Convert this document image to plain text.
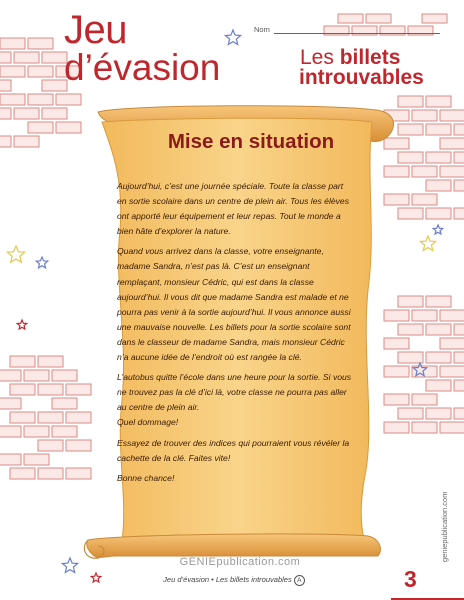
Jeu
d’évasion
Nom
Les billets
introuvables
Mise en situation

Aujourd’hui, c’est une journée spéciale. Toute la classe part en sortie scolaire dans un centre de plein air. Tous les élèves ont apporté leur équipement et leur repas. Tout le monde a bien hâte d’explorer la nature.

Quand vous arrivez dans la classe, votre enseignante, madame Sandra, n’est pas là. C’est un enseignant remplaçant, monsieur Cédric, qui est dans la classe aujourd’hui. Il vous dit que madame Sandra est malade et ne pourra pas venir à la sortie aujourd’hui. Il vous annonce aussi une mauvaise nouvelle. Les billets pour la sortie scolaire sont dans le classeur de madame Sandra, mais monsieur Cédric n’a aucune idée de l’endroit où est rangée la clé.

L’autobus quitte l’école dans une heure pour la sortie. Si vous ne trouvez pas la clé d’ici là, votre classe ne pourra pas aller au centre de plein air.
Quel dommage!

Essayez de trouver des indices qui pourraient vous révéler la cachette de la clé. Faites vite!

Bonne chance!

GÉNIEpublication.com
Jeu d’évasion • Les billets introuvables A
geniepublication.com
3
